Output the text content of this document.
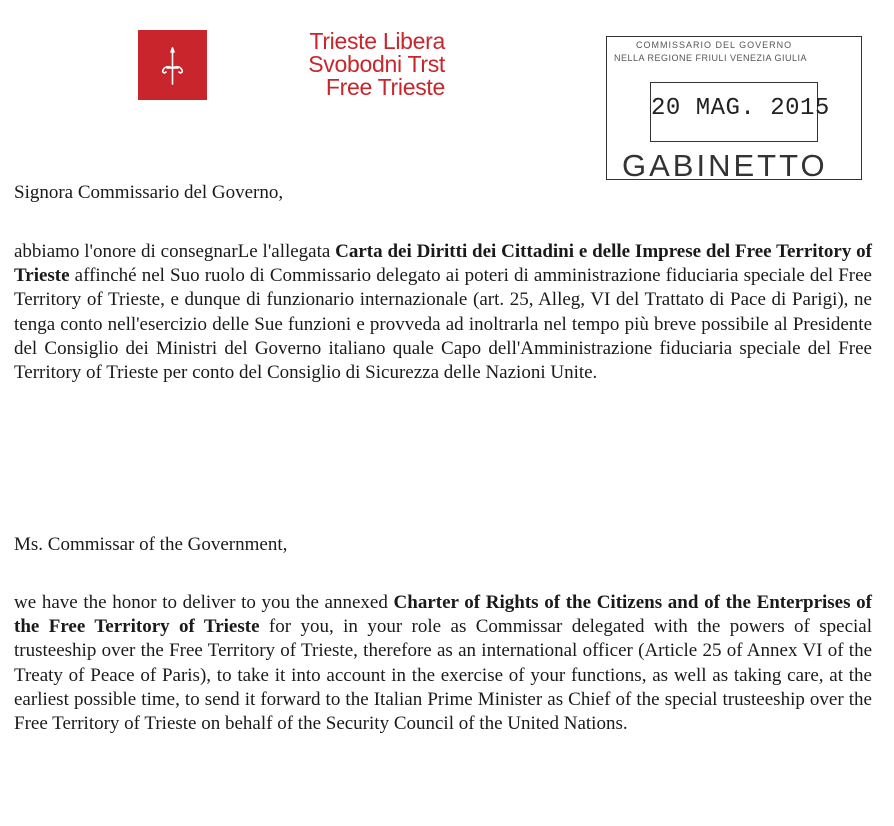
Trieste Libera
Svobodni Trst
Free Trieste
COMMISSARIO DEL GOVERNO
NELLA REGIONE FRIULI VENEZIA GIULIA
20 MAG. 2015
GABINETTO
Signora Commissario del Governo,
abbiamo l'onore di consegnarLe l'allegata Carta dei Diritti dei Cittadini e delle Imprese del Free Territory of Trieste affinché nel Suo ruolo di Commissario delegato ai poteri di amministrazione fiduciaria speciale del Free Territory of Trieste, e dunque di funzionario internazionale (art. 25, Alleg, VI del Trattato di Pace di Parigi), ne tenga conto nell'esercizio delle Sue funzioni e provveda ad inoltrarla nel tempo più breve possibile al Presidente del Consiglio dei Ministri del Governo italiano quale Capo dell'Amministrazione fiduciaria speciale del Free Territory of Trieste per conto del Consiglio di Sicurezza delle Nazioni Unite.
Ms. Commissar of the Government,
we have the honor to deliver to you the annexed Charter of Rights of the Citizens and of the Enterprises of the Free Territory of Trieste for you, in your role as Commissar delegated with the powers of special trusteeship over the Free Territory of Trieste, therefore as an international officer (Article 25 of Annex VI of the Treaty of Peace of Paris), to take it into account in the exercise of your functions, as well as taking care, at the earliest possible time, to send it forward to the Italian Prime Minister as Chief of the special trusteeship over the Free Territory of Trieste on behalf of the Security Council of the United Nations.
